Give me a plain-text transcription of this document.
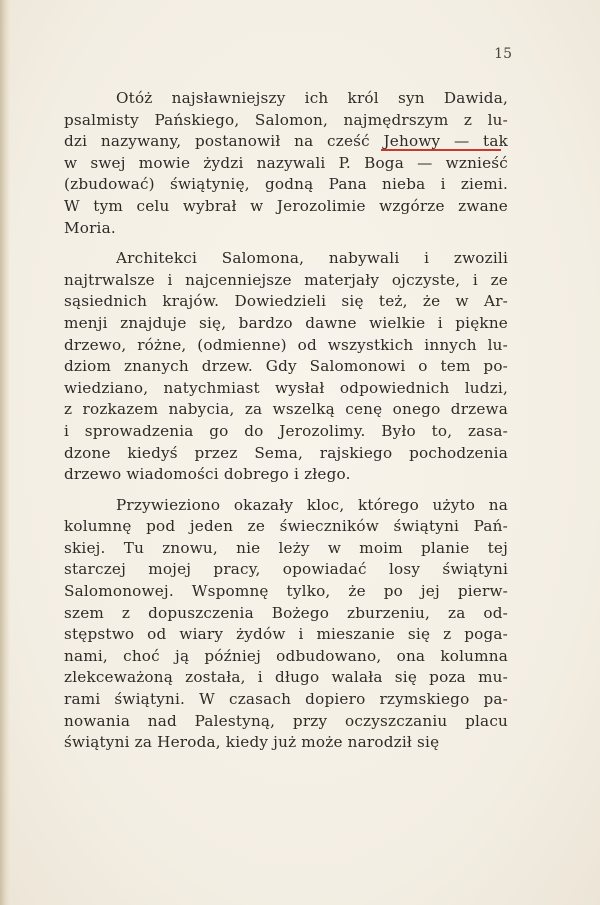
15
Otóż najsławniejszy ich król syn Dawida,
psalmisty Pańskiego, Salomon, najmędrszym z lu-
dzi nazywany, postanowił na cześć Jehowy — tak
w swej mowie żydzi nazywali P. Boga — wznieść
(zbudować) świątynię, godną Pana nieba i ziemi.
W tym celu wybrał w Jerozolimie wzgórze zwane
Moria.
Architekci Salomona, nabywali i zwozili
najtrwalsze i najcenniejsze materjały ojczyste, i ze
sąsiednich krajów. Dowiedzieli się też, że w Ar-
menji znajduje się, bardzo dawne wielkie i piękne
drzewo, różne, (odmienne) od wszystkich innych lu-
dziom znanych drzew. Gdy Salomonowi o tem po-
wiedziano, natychmiast wysłał odpowiednich ludzi,
z rozkazem nabycia, za wszelką cenę onego drzewa
i sprowadzenia go do Jerozolimy. Było to, zasa-
dzone kiedyś przez Sema, rajskiego pochodzenia
drzewo wiadomości dobrego i złego.
Przywieziono okazały kloc, którego użyto na
kolumnę pod jeden ze świeczników świątyni Pań-
skiej. Tu znowu, nie leży w moim planie tej
starczej mojej pracy, opowiadać losy świątyni
Salomonowej. Wspomnę tylko, że po jej pierw-
szem z dopuszczenia Bożego zburzeniu, za od-
stępstwo od wiary żydów i mieszanie się z poga-
nami, choć ją później odbudowano, ona kolumna
zlekceważoną została, i długo walała się poza mu-
rami świątyni. W czasach dopiero rzymskiego pa-
nowania nad Palestyną, przy oczyszczaniu placu
świątyni za Heroda, kiedy już może narodził się
